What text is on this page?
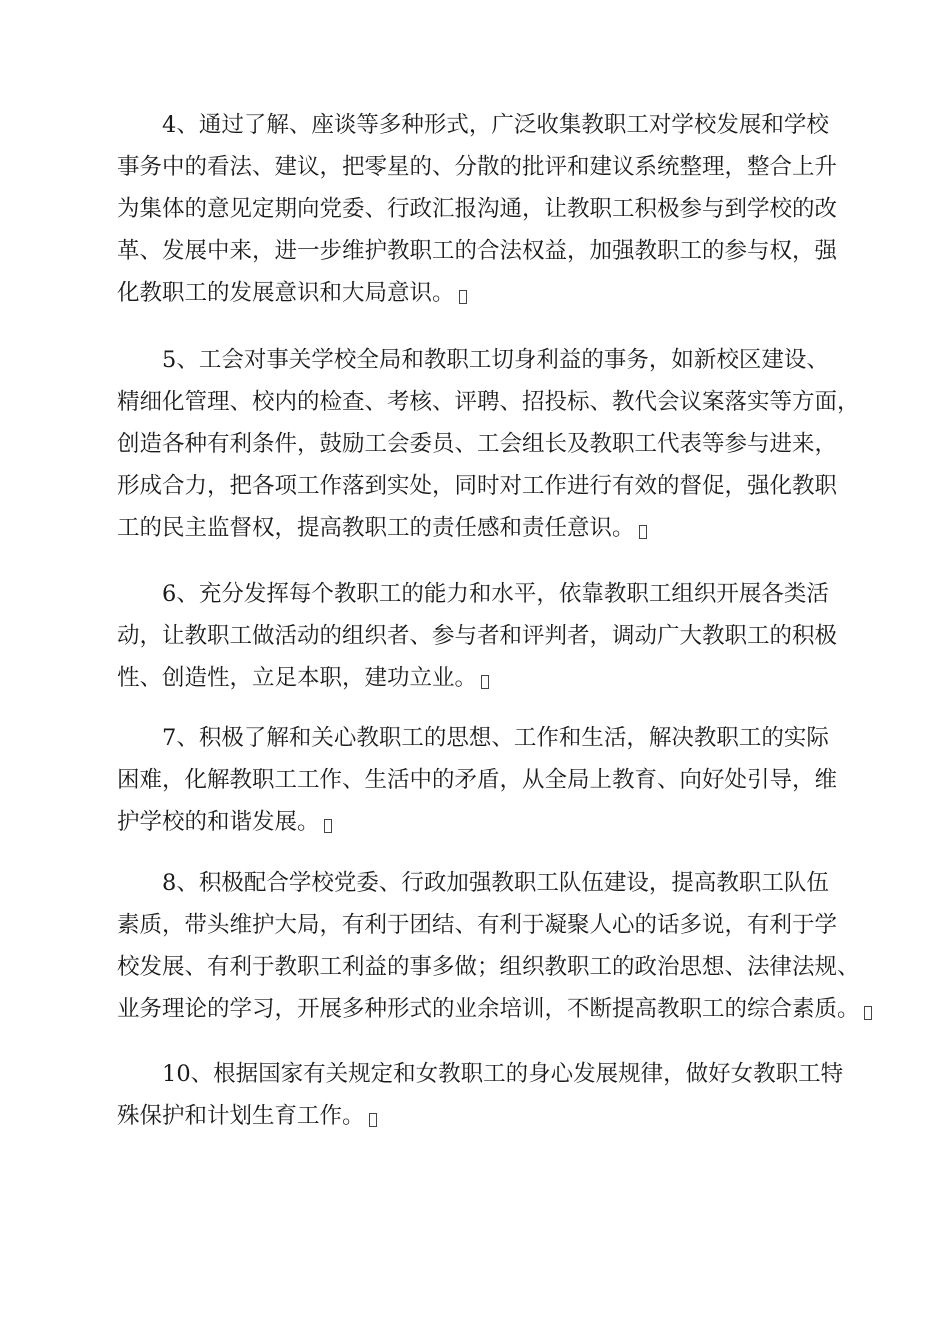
4、通过了解、座谈等多种形式，广泛收集教职工对学校发展和学校
事务中的看法、建议，把零星的、分散的批评和建议系统整理，整合上升
为集体的意见定期向党委、行政汇报沟通，让教职工积极参与到学校的改
革、发展中来，进一步维护教职工的合法权益，加强教职工的参与权，强
化教职工的发展意识和大局意识。
5、工会对事关学校全局和教职工切身利益的事务，如新校区建设、
精细化管理、校内的检查、考核、评聘、招投标、教代会议案落实等方面，
创造各种有利条件，鼓励工会委员、工会组长及教职工代表等参与进来，
形成合力，把各项工作落到实处，同时对工作进行有效的督促，强化教职
工的民主监督权，提高教职工的责任感和责任意识。
6、充分发挥每个教职工的能力和水平，依靠教职工组织开展各类活
动，让教职工做活动的组织者、参与者和评判者，调动广大教职工的积极
性、创造性，立足本职，建功立业。
7、积极了解和关心教职工的思想、工作和生活，解决教职工的实际
困难，化解教职工工作、生活中的矛盾，从全局上教育、向好处引导，维
护学校的和谐发展。
8、积极配合学校党委、行政加强教职工队伍建设，提高教职工队伍
素质，带头维护大局，有利于团结、有利于凝聚人心的话多说，有利于学
校发展、有利于教职工利益的事多做；组织教职工的政治思想、法律法规、
业务理论的学习，开展多种形式的业余培训，不断提高教职工的综合素质。
10、根据国家有关规定和女教职工的身心发展规律，做好女教职工特
殊保护和计划生育工作。
